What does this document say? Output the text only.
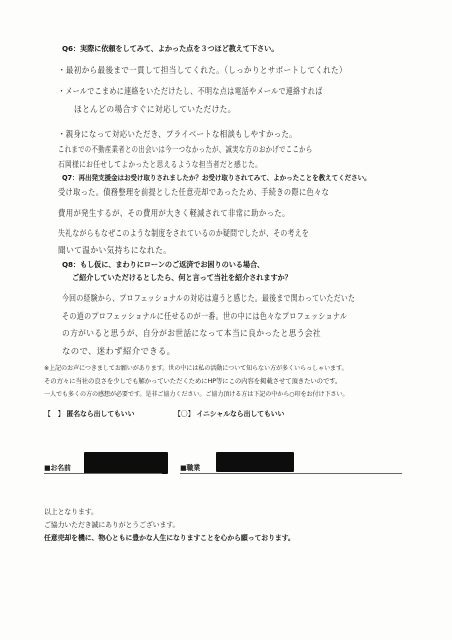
Q6：実際に依頼をしてみて、よかった点を３つほど教えて下さい。
・最初から最後まで一貫して担当してくれた。（しっかりとサポートしてくれた）
・メールでこまめに連絡をいただけたし、不明な点は電話やメールで連絡すれば
ほとんどの場合すぐに対応していただけた。
・親身になって対応いただき、プライベートな相談もしやすかった。
これまでの不動産業者との出会いは今一つなかったが、誠実な方のおかげでここから
石岡様にお任せしてよかったと思えるような担当者だと感じた。
Q7：再出発支援金はお受け取りされましたか？お受け取りされてみて、よかったことを教えてください。
受け取った。債務整理を前提とした任意売却であったため、手続きの際に色々な
費用が発生するが、その費用が大きく軽減されて非常に助かった。
失礼ながらもなぜこのような制度をされているのか疑問でしたが、その考えを
聞いて温かい気持ちになれた。
Q8：もし仮に、まわりにローンのご返済でお困りのいる場合、
ご紹介していただけるとしたら、何と言って当社を紹介されますか？
今回の経験から、プロフェッショナルの対応は違うと感じた。最後まで関わっていただいた
その道のプロフェッショナルに任せるのが一番。世の中には色々なプロフェッショナル
の方がいると思うが、自分がお世話になって本当に良かったと思う会社
なので、迷わず紹介できる。
※上記のお声につきましてお願いがあります。世の中には私の活動について知らない方が多くいらっしゃいます。
その方々に当社の良さを少しでも解かっていただくためにHP等にこの内容を掲載させて頂きたいのです。
一人でも多くの方の感想が必要です。是非ご協力ください。ご協力頂ける方は下記の中から○印をお付け下さい。
【　】 匿名なら出してもいい	【〇】 イニシャルなら出してもいい
■お名前	■職業
以上となります。
ご協力いただき誠にありがとうございます。
任意売却を機に、物心ともに豊かな人生になりますことを心から願っております。
